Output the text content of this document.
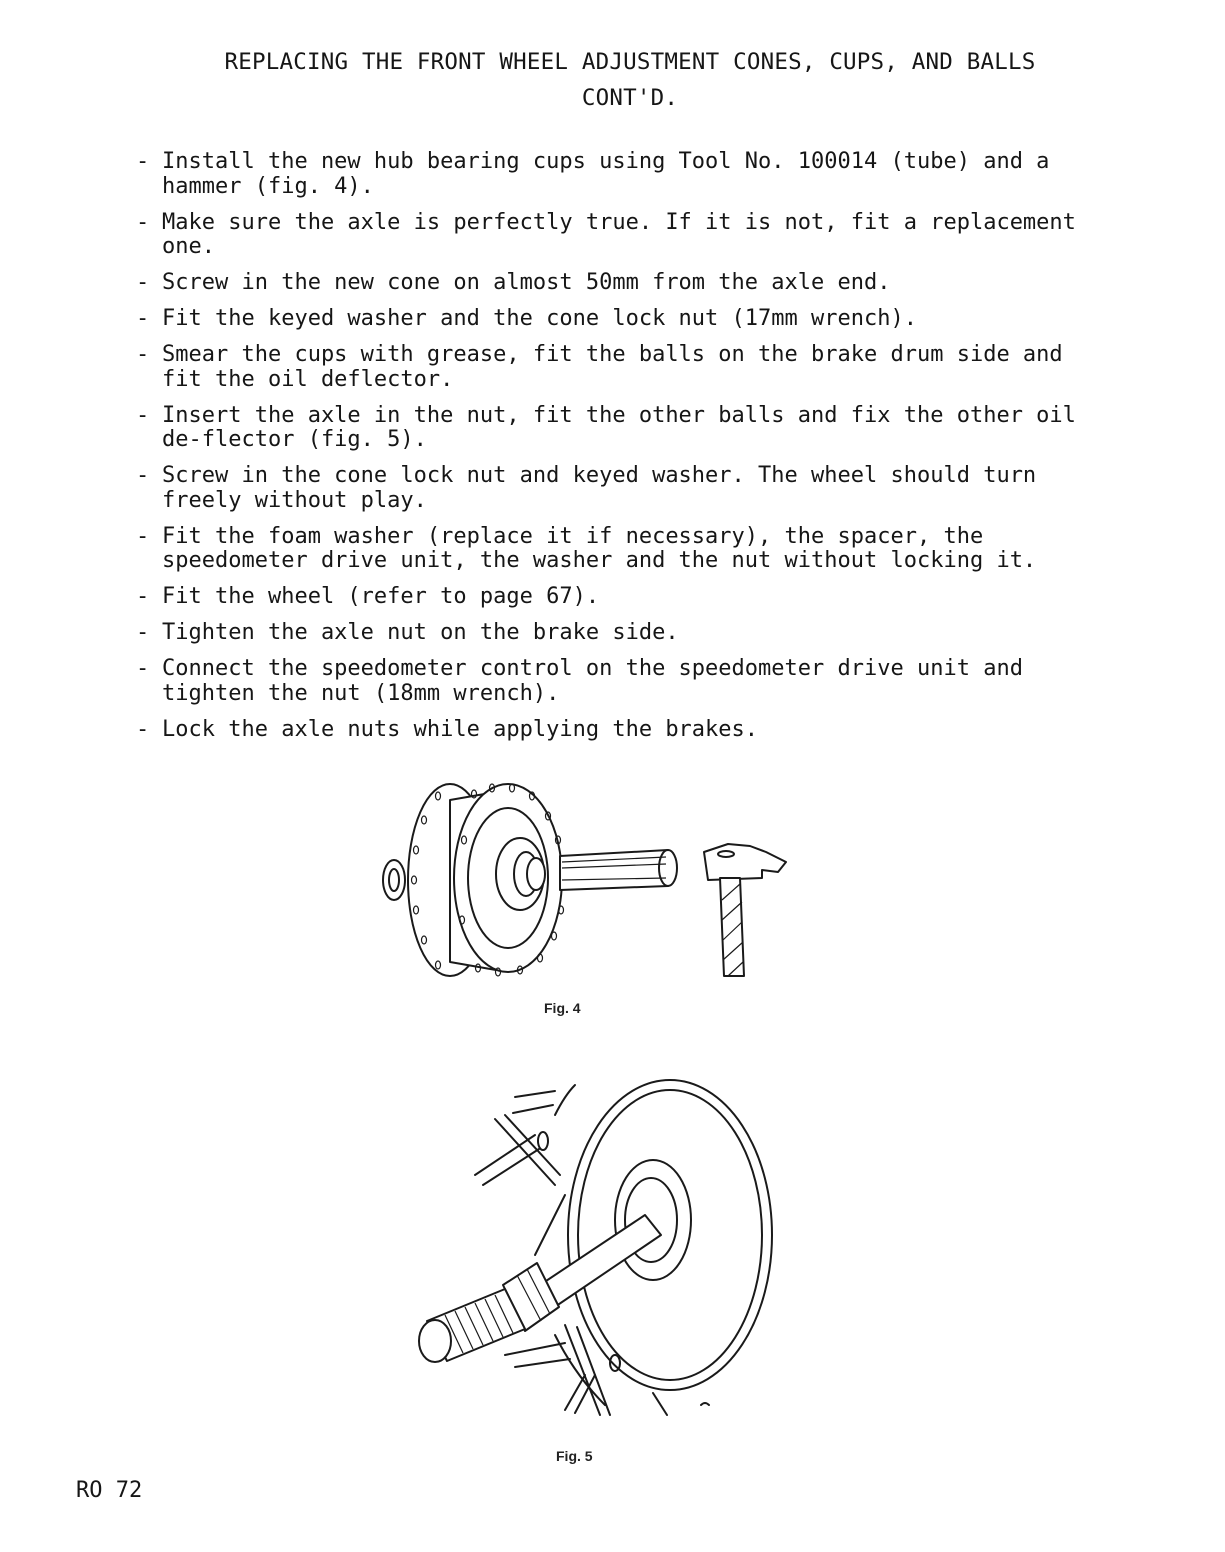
REPLACING THE FRONT WHEEL ADJUSTMENT CONES, CUPS, AND BALLS
CONT'D.
- Install the new hub bearing cups using Tool No. 100014 (tube) and a hammer (fig. 4).
- Make sure the axle is perfectly true. If it is not, fit a replacement one.
- Screw in the new cone on almost 50mm from the axle end.
- Fit the keyed washer and the cone lock nut (17mm wrench).
- Smear the cups with grease, fit the balls on the brake drum side and fit the oil deflector.
- Insert the axle in the nut, fit the other balls and fix the other oil de-flector (fig. 5).
- Screw in the cone lock nut and keyed washer. The wheel should turn freely without play.
- Fit the foam washer (replace it if necessary), the spacer, the speedometer drive unit, the washer and the nut without locking it.
- Fit the wheel (refer to page 67).
- Tighten the axle nut on the brake side.
- Connect the speedometer control on the speedometer drive unit and tighten the nut (18mm wrench).
- Lock the axle nuts while applying the brakes.
Fig. 4
Fig. 5
RO 72
